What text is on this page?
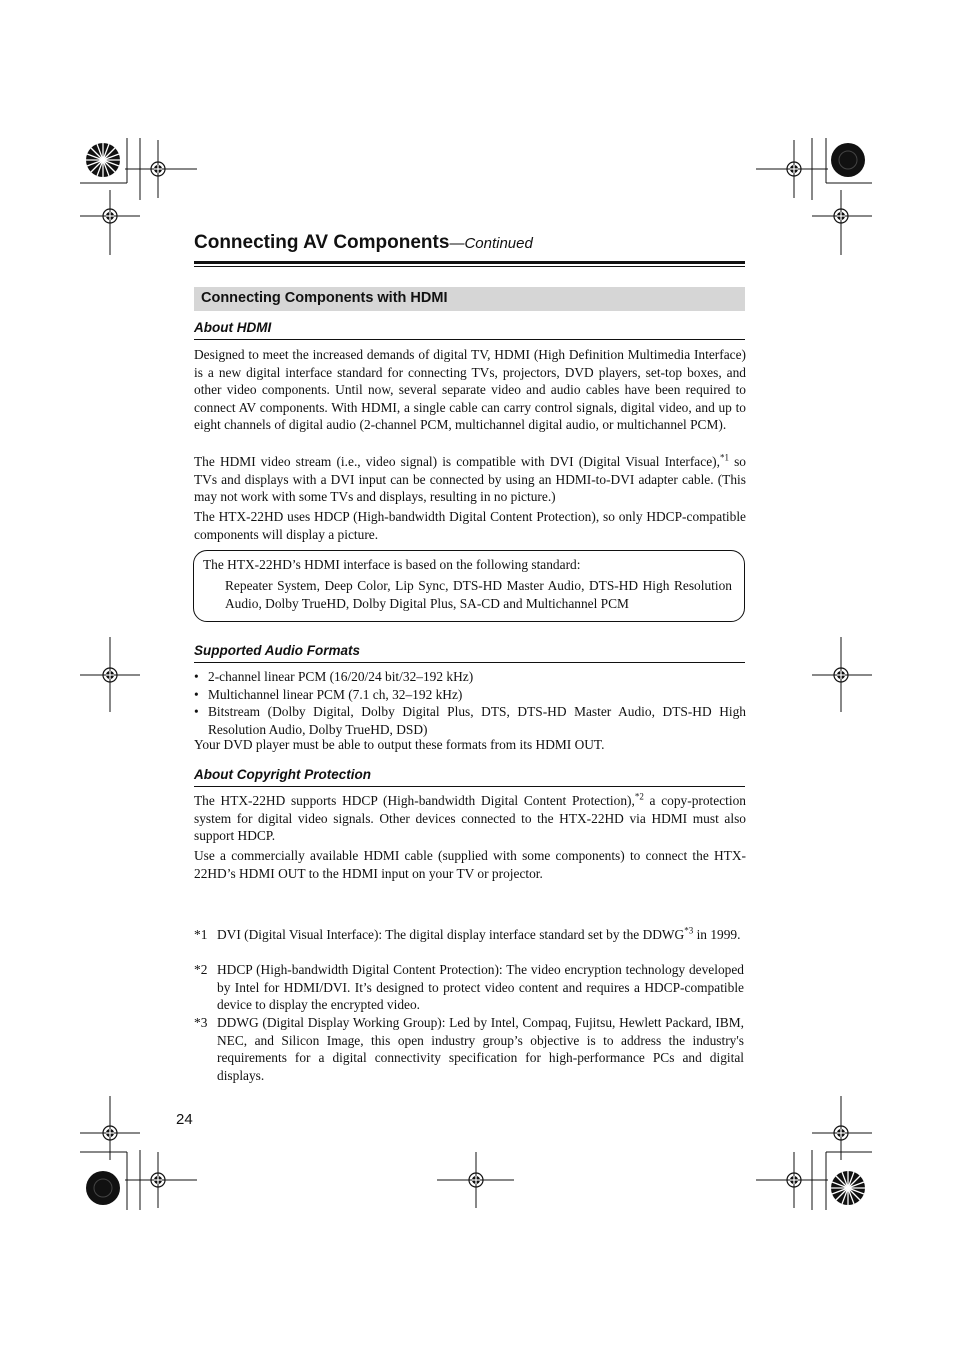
Connecting AV Components—Continued
Connecting Components with HDMI
About HDMI
Designed to meet the increased demands of digital TV, HDMI (High Definition Multimedia Interface) is a new digital interface standard for connecting TVs, projectors, DVD players, set-top boxes, and other video components. Until now, several separate video and audio cables have been required to connect AV components. With HDMI, a single cable can carry control signals, digital video, and up to eight channels of digital audio (2-channel PCM, multichannel digital audio, or multichannel PCM).
The HDMI video stream (i.e., video signal) is compatible with DVI (Digital Visual Interface),$^{*1}$ so TVs and displays with a DVI input can be connected by using an HDMI-to-DVI adapter cable. (This may not work with some TVs and displays, resulting in no picture.)
The HTX-22HD uses HDCP (High-bandwidth Digital Content Protection), so only HDCP-compatible components will display a picture.
The HTX-22HD’s HDMI interface is based on the following standard:
Repeater System, Deep Color, Lip Sync, DTS-HD Master Audio, DTS-HD High Resolution Audio, Dolby TrueHD, Dolby Digital Plus, SA-CD and Multichannel PCM
Supported Audio Formats
• 2-channel linear PCM (16/20/24 bit/32–192 kHz)
• Multichannel linear PCM (7.1 ch, 32–192 kHz)
• Bitstream (Dolby Digital, Dolby Digital Plus, DTS, DTS-HD Master Audio, DTS-HD High Resolution Audio, Dolby TrueHD, DSD)
Your DVD player must be able to output these formats from its HDMI OUT.
About Copyright Protection
The HTX-22HD supports HDCP (High-bandwidth Digital Content Protection),$^{*2}$ a copy-protection system for digital video signals. Other devices connected to the HTX-22HD via HDMI must also support HDCP.
Use a commercially available HDMI cable (supplied with some components) to connect the HTX-22HD’s HDMI OUT to the HDMI input on your TV or projector.
*1 DVI (Digital Visual Interface): The digital display interface standard set by the DDWG$^{*3}$ in 1999.
*2 HDCP (High-bandwidth Digital Content Protection): The video encryption technology developed by Intel for HDMI/DVI. It’s designed to protect video content and requires a HDCP-compatible device to display the encrypted video.
*3 DDWG (Digital Display Working Group): Led by Intel, Compaq, Fujitsu, Hewlett Packard, IBM, NEC, and Silicon Image, this open industry group’s objective is to address the industry's requirements for a digital connectivity specification for high-performance PCs and digital displays.
24
